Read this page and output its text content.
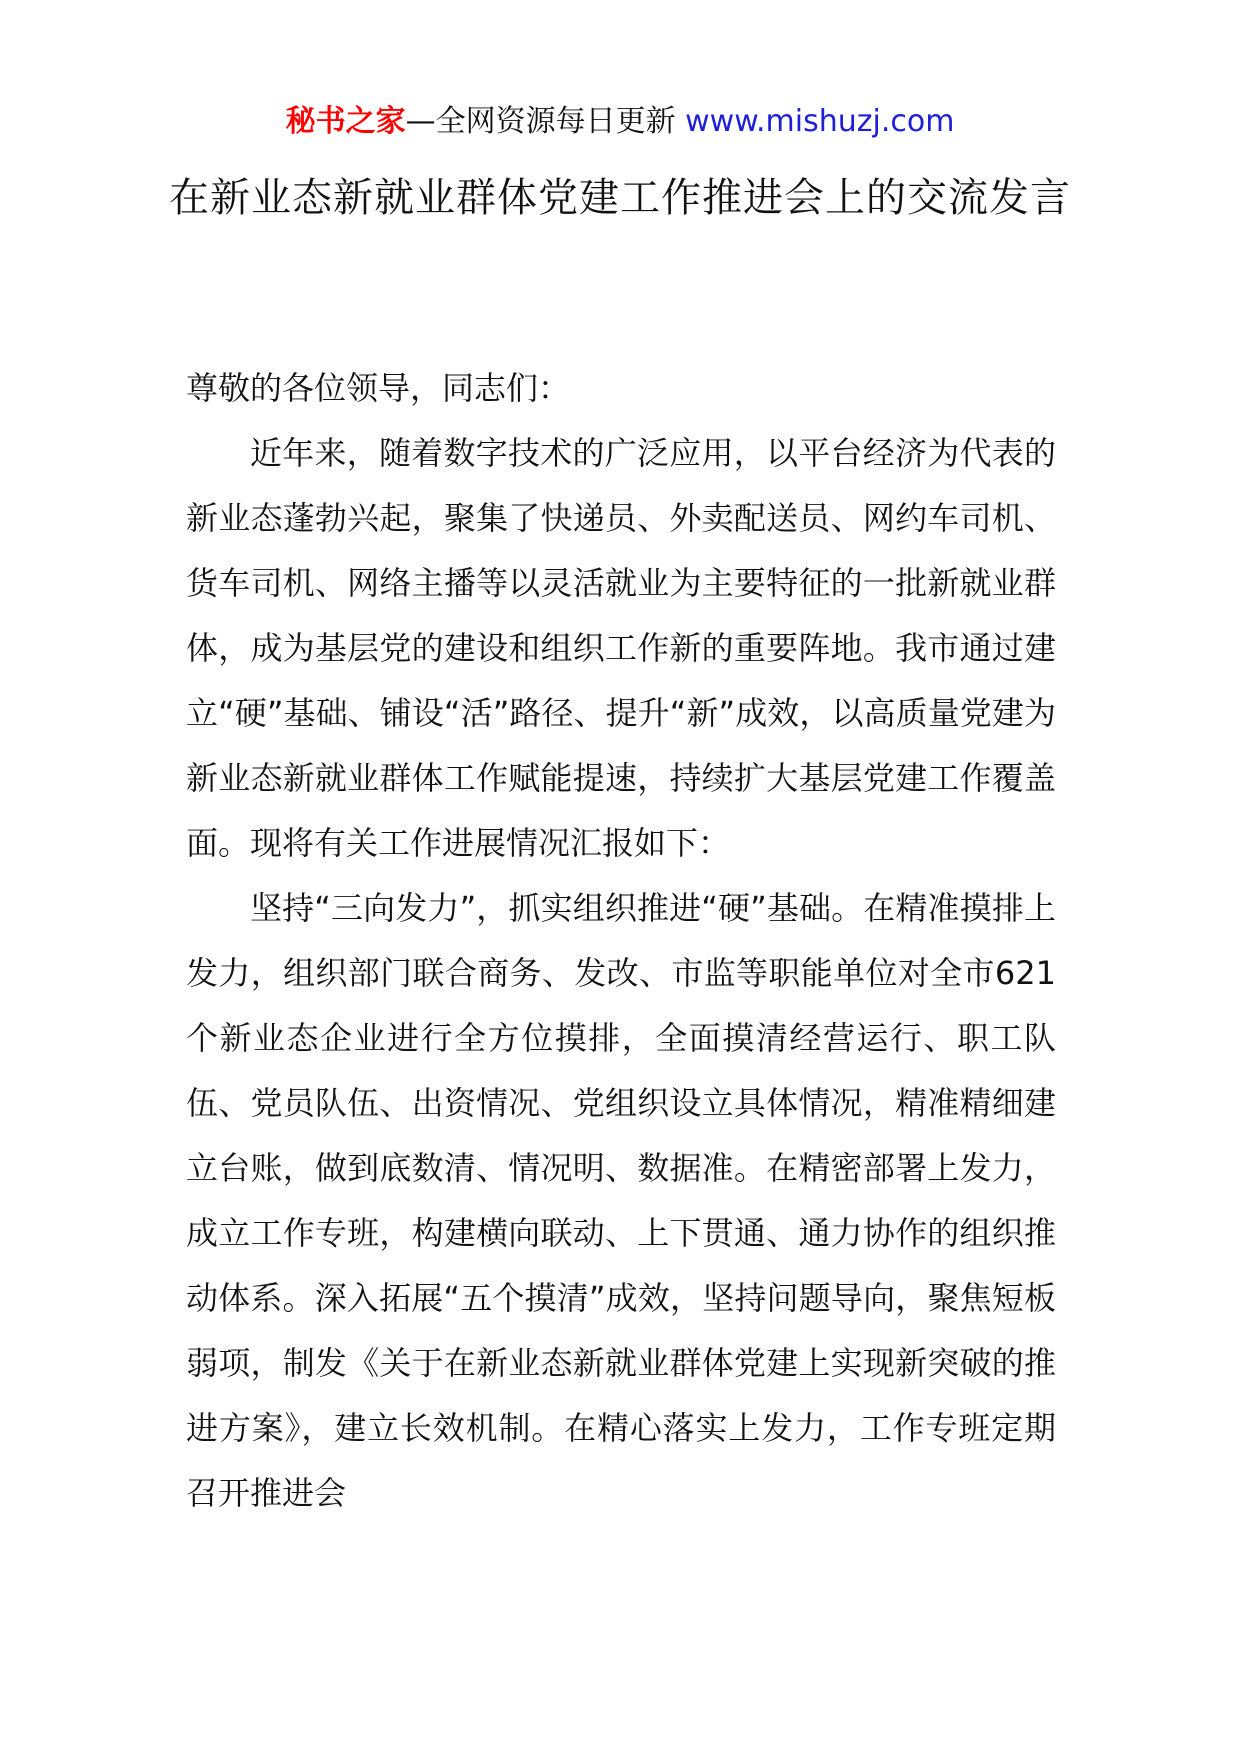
秘书之家—全网资源每日更新 www.mishuzj.com
在新业态新就业群体党建工作推进会上的交流发言

尊敬的各位领导，同志们：

近年来，随着数字技术的广泛应用，以平台经济为代表的新业态蓬勃兴起，聚集了快递员、外卖配送员、网约车司机、货车司机、网络主播等以灵活就业为主要特征的一批新就业群体，成为基层党的建设和组织工作新的重要阵地。我市通过建立“硬”基础、铺设“活”路径、提升“新”成效，以高质量党建为新业态新就业群体工作赋能提速，持续扩大基层党建工作覆盖面。现将有关工作进展情况汇报如下：

坚持“三向发力”，抓实组织推进“硬”基础。在精准摸排上发力，组织部门联合商务、发改、市监等职能单位对全市621个新业态企业进行全方位摸排，全面摸清经营运行、职工队伍、党员队伍、出资情况、党组织设立具体情况，精准精细建立台账，做到底数清、情况明、数据准。在精密部署上发力，成立工作专班，构建横向联动、上下贯通、通力协作的组织推动体系。深入拓展“五个摸清”成效，坚持问题导向，聚焦短板弱项，制发《关于在新业态新就业群体党建上实现新突破的推进方案》，建立长效机制。在精心落实上发力，工作专班定期召开推进会
